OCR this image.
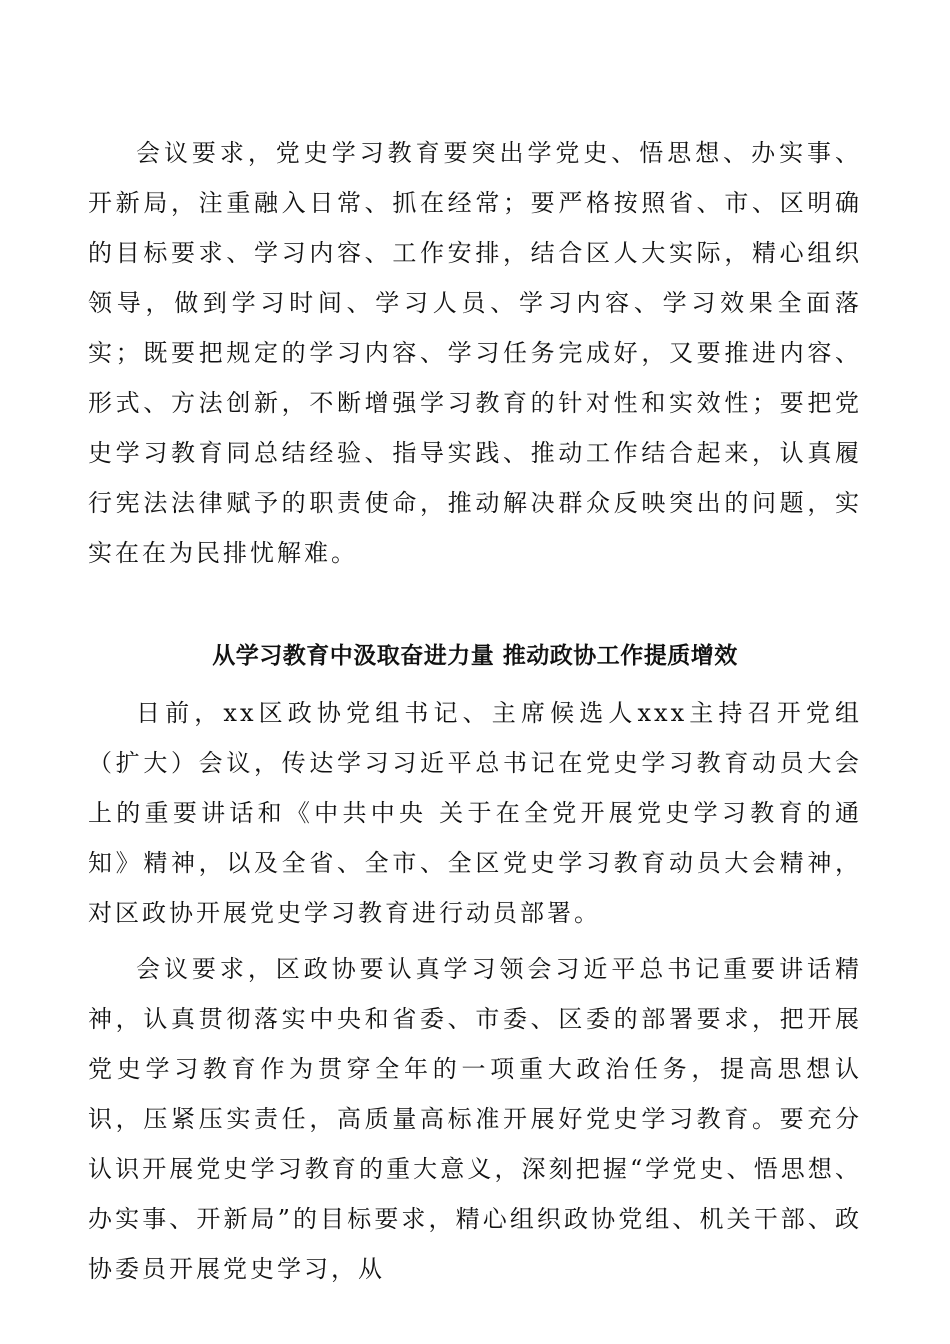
会议要求，党史学习教育要突出学党史、悟思想、办实事、开新局，注重融入日常、抓在经常；要严格按照省、市、区明确的目标要求、学习内容、工作安排，结合区人大实际，精心组织领导，做到学习时间、学习人员、学习内容、学习效果全面落实；既要把规定的学习内容、学习任务完成好，又要推进内容、形式、方法创新，不断增强学习教育的针对性和实效性；要把党史学习教育同总结经验、指导实践、推动工作结合起来，认真履行宪法法律赋予的职责使命，推动解决群众反映突出的问题，实实在在为民排忧解难。

从学习教育中汲取奋进力量 推动政协工作提质增效

日前，xx区政协党组书记、主席候选人xxx主持召开党组（扩大）会议，传达学习习近平总书记在党史学习教育动员大会上的重要讲话和《中共中央 关于在全党开展党史学习教育的通知》精神，以及全省、全市、全区党史学习教育动员大会精神，对区政协开展党史学习教育进行动员部署。

会议要求，区政协要认真学习领会习近平总书记重要讲话精神，认真贯彻落实中央和省委、市委、区委的部署要求，把开展党史学习教育作为贯穿全年的一项重大政治任务，提高思想认识，压紧压实责任，高质量高标准开展好党史学习教育。要充分认识开展党史学习教育的重大意义，深刻把握“学党史、悟思想、办实事、开新局”的目标要求，精心组织政协党组、机关干部、政协委员开展党史学习，从
